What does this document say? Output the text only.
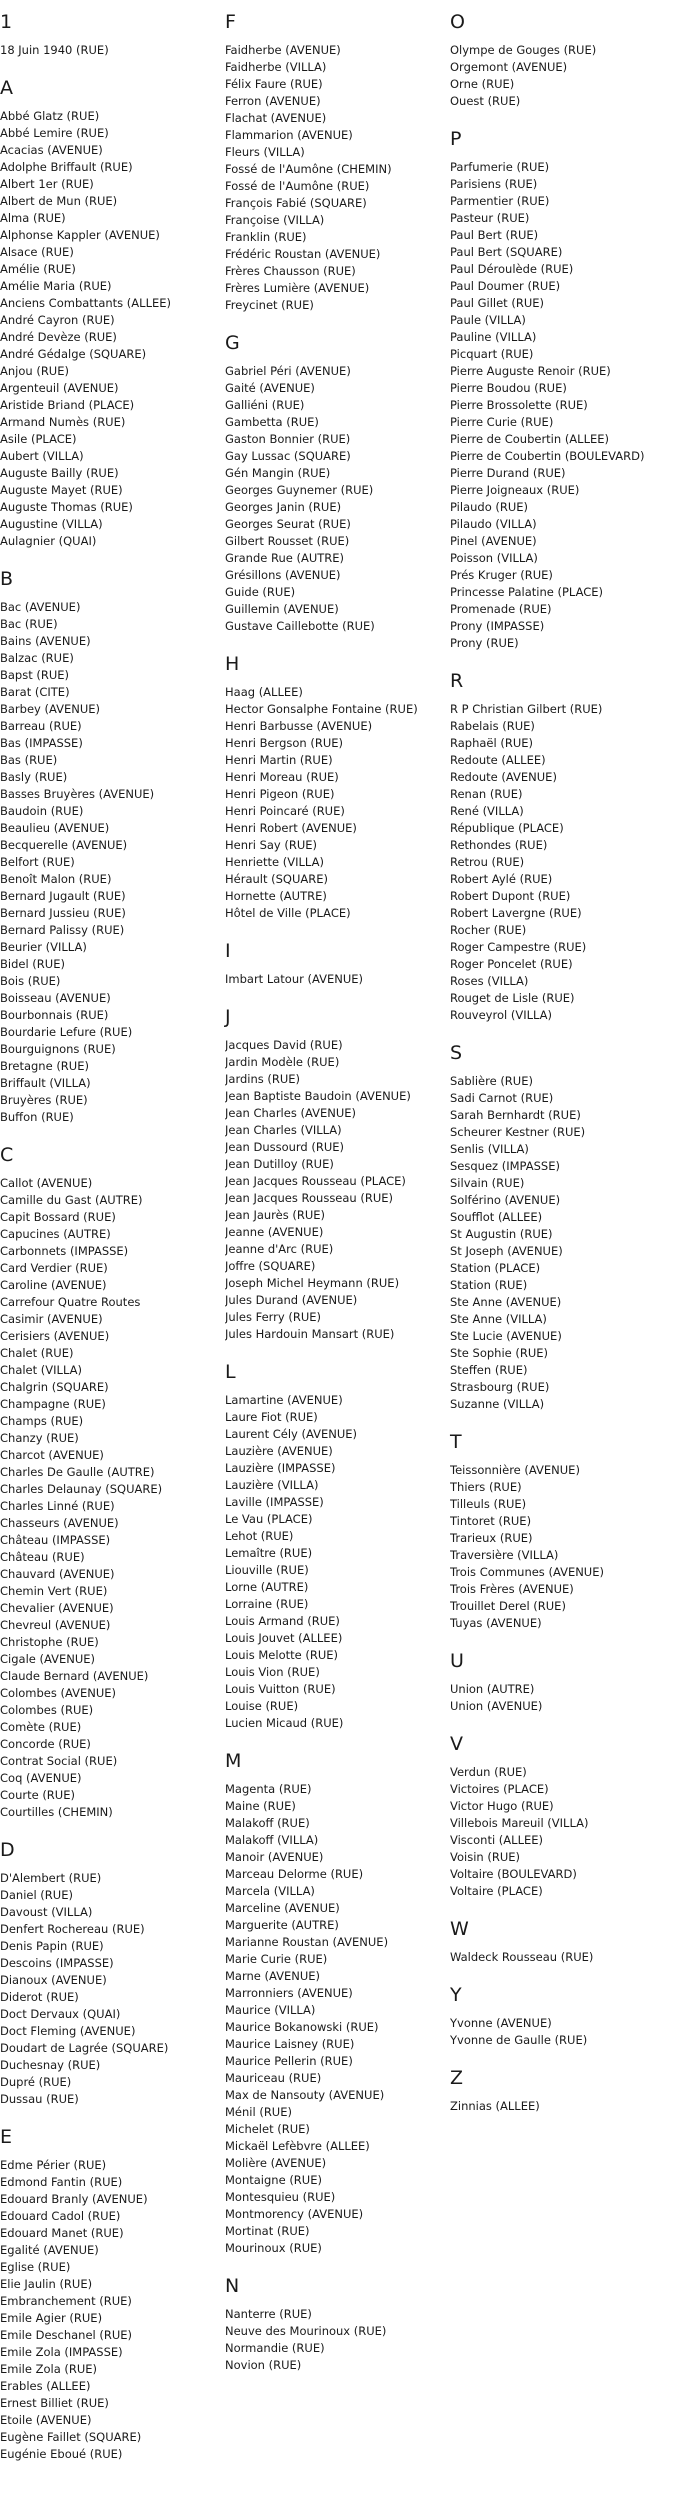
1
18 Juin 1940 (RUE)
A
Abbé Glatz (RUE)
Abbé Lemire (RUE)
Acacias (AVENUE)
Adolphe Briffault (RUE)
Albert 1er (RUE)
Albert de Mun (RUE)
Alma (RUE)
Alphonse Kappler (AVENUE)
Alsace (RUE)
Amélie (RUE)
Amélie Maria (RUE)
Anciens Combattants (ALLEE)
André Cayron (RUE)
André Devèze (RUE)
André Gédalge (SQUARE)
Anjou (RUE)
Argenteuil (AVENUE)
Aristide Briand (PLACE)
Armand Numès (RUE)
Asile (PLACE)
Aubert (VILLA)
Auguste Bailly (RUE)
Auguste Mayet (RUE)
Auguste Thomas (RUE)
Augustine (VILLA)
Aulagnier (QUAI)
B
Bac (AVENUE)
Bac (RUE)
Bains (AVENUE)
Balzac (RUE)
Bapst (RUE)
Barat (CITE)
Barbey (AVENUE)
Barreau (RUE)
Bas (IMPASSE)
Bas (RUE)
Basly (RUE)
Basses Bruyères (AVENUE)
Baudoin (RUE)
Beaulieu (AVENUE)
Becquerelle (AVENUE)
Belfort (RUE)
Benoît Malon (RUE)
Bernard Jugault (RUE)
Bernard Jussieu (RUE)
Bernard Palissy (RUE)
Beurier (VILLA)
Bidel (RUE)
Bois (RUE)
Boisseau (AVENUE)
Bourbonnais (RUE)
Bourdarie Lefure (RUE)
Bourguignons (RUE)
Bretagne (RUE)
Briffault (VILLA)
Bruyères (RUE)
Buffon (RUE)
C
Callot (AVENUE)
Camille du Gast (AUTRE)
Capit Bossard (RUE)
Capucines (AUTRE)
Carbonnets (IMPASSE)
Card Verdier (RUE)
Caroline (AVENUE)
Carrefour Quatre Routes
Casimir (AVENUE)
Cerisiers (AVENUE)
Chalet (RUE)
Chalet (VILLA)
Chalgrin (SQUARE)
Champagne (RUE)
Champs (RUE)
Chanzy (RUE)
Charcot (AVENUE)
Charles De Gaulle (AUTRE)
Charles Delaunay (SQUARE)
Charles Linné (RUE)
Chasseurs (AVENUE)
Château (IMPASSE)
Château (RUE)
Chauvard (AVENUE)
Chemin Vert (RUE)
Chevalier (AVENUE)
Chevreul (AVENUE)
Christophe (RUE)
Cigale (AVENUE)
Claude Bernard (AVENUE)
Colombes (AVENUE)
Colombes (RUE)
Comète (RUE)
Concorde (RUE)
Contrat Social (RUE)
Coq (AVENUE)
Courte (RUE)
Courtilles (CHEMIN)
D
D'Alembert (RUE)
Daniel (RUE)
Davoust (VILLA)
Denfert Rochereau (RUE)
Denis Papin (RUE)
Descoins (IMPASSE)
Dianoux (AVENUE)
Diderot (RUE)
Doct Dervaux (QUAI)
Doct Fleming (AVENUE)
Doudart de Lagrée (SQUARE)
Duchesnay (RUE)
Dupré (RUE)
Dussau (RUE)
E
Edme Périer (RUE)
Edmond Fantin (RUE)
Edouard Branly (AVENUE)
Edouard Cadol (RUE)
Edouard Manet (RUE)
Egalité (AVENUE)
Eglise (RUE)
Elie Jaulin (RUE)
Embranchement (RUE)
Emile Agier (RUE)
Emile Deschanel (RUE)
Emile Zola (IMPASSE)
Emile Zola (RUE)
Erables (ALLEE)
Ernest Billiet (RUE)
Etoile (AVENUE)
Eugène Faillet (SQUARE)
Eugénie Eboué (RUE)
F
Faidherbe (AVENUE)
Faidherbe (VILLA)
Félix Faure (RUE)
Ferron (AVENUE)
Flachat (AVENUE)
Flammarion (AVENUE)
Fleurs (VILLA)
Fossé de l'Aumône (CHEMIN)
Fossé de l'Aumône (RUE)
François Fabié (SQUARE)
Françoise (VILLA)
Franklin (RUE)
Frédéric Roustan (AVENUE)
Frères Chausson (RUE)
Frères Lumière (AVENUE)
Freycinet (RUE)
G
Gabriel Péri (AVENUE)
Gaité (AVENUE)
Galliéni (RUE)
Gambetta (RUE)
Gaston Bonnier (RUE)
Gay Lussac (SQUARE)
Gén Mangin (RUE)
Georges Guynemer (RUE)
Georges Janin (RUE)
Georges Seurat (RUE)
Gilbert Rousset (RUE)
Grande Rue (AUTRE)
Grésillons (AVENUE)
Guide (RUE)
Guillemin (AVENUE)
Gustave Caillebotte (RUE)
H
Haag (ALLEE)
Hector Gonsalphe Fontaine (RUE)
Henri Barbusse (AVENUE)
Henri Bergson (RUE)
Henri Martin (RUE)
Henri Moreau (RUE)
Henri Pigeon (RUE)
Henri Poincaré (RUE)
Henri Robert (AVENUE)
Henri Say (RUE)
Henriette (VILLA)
Hérault (SQUARE)
Hornette (AUTRE)
Hôtel de Ville (PLACE)
I
Imbart Latour (AVENUE)
J
Jacques David (RUE)
Jardin Modèle (RUE)
Jardins (RUE)
Jean Baptiste Baudoin (AVENUE)
Jean Charles (AVENUE)
Jean Charles (VILLA)
Jean Dussourd (RUE)
Jean Dutilloy (RUE)
Jean Jacques Rousseau (PLACE)
Jean Jacques Rousseau (RUE)
Jean Jaurès (RUE)
Jeanne (AVENUE)
Jeanne d'Arc (RUE)
Joffre (SQUARE)
Joseph Michel Heymann (RUE)
Jules Durand (AVENUE)
Jules Ferry (RUE)
Jules Hardouin Mansart (RUE)
L
Lamartine (AVENUE)
Laure Fiot (RUE)
Laurent Cély (AVENUE)
Lauzière (AVENUE)
Lauzière (IMPASSE)
Lauzière (VILLA)
Laville (IMPASSE)
Le Vau (PLACE)
Lehot (RUE)
Lemaître (RUE)
Liouville (RUE)
Lorne (AUTRE)
Lorraine (RUE)
Louis Armand (RUE)
Louis Jouvet (ALLEE)
Louis Melotte (RUE)
Louis Vion (RUE)
Louis Vuitton (RUE)
Louise (RUE)
Lucien Micaud (RUE)
M
Magenta (RUE)
Maine (RUE)
Malakoff (RUE)
Malakoff (VILLA)
Manoir (AVENUE)
Marceau Delorme (RUE)
Marcela (VILLA)
Marceline (AVENUE)
Marguerite (AUTRE)
Marianne Roustan (AVENUE)
Marie Curie (RUE)
Marne (AVENUE)
Marronniers (AVENUE)
Maurice (VILLA)
Maurice Bokanowski (RUE)
Maurice Laisney (RUE)
Maurice Pellerin (RUE)
Mauriceau (RUE)
Max de Nansouty (AVENUE)
Ménil (RUE)
Michelet (RUE)
Mickaël Lefèbvre (ALLEE)
Molière (AVENUE)
Montaigne (RUE)
Montesquieu (RUE)
Montmorency (AVENUE)
Mortinat (RUE)
Mourinoux (RUE)
N
Nanterre (RUE)
Neuve des Mourinoux (RUE)
Normandie (RUE)
Novion (RUE)
O
Olympe de Gouges (RUE)
Orgemont (AVENUE)
Orne (RUE)
Ouest (RUE)
P
Parfumerie (RUE)
Parisiens (RUE)
Parmentier (RUE)
Pasteur (RUE)
Paul Bert (RUE)
Paul Bert (SQUARE)
Paul Déroulède (RUE)
Paul Doumer (RUE)
Paul Gillet (RUE)
Paule (VILLA)
Pauline (VILLA)
Picquart (RUE)
Pierre Auguste Renoir (RUE)
Pierre Boudou (RUE)
Pierre Brossolette (RUE)
Pierre Curie (RUE)
Pierre de Coubertin (ALLEE)
Pierre de Coubertin (BOULEVARD)
Pierre Durand (RUE)
Pierre Joigneaux (RUE)
Pilaudo (RUE)
Pilaudo (VILLA)
Pinel (AVENUE)
Poisson (VILLA)
Prés Kruger (RUE)
Princesse Palatine (PLACE)
Promenade (RUE)
Prony (IMPASSE)
Prony (RUE)
R
R P Christian Gilbert (RUE)
Rabelais (RUE)
Raphaël (RUE)
Redoute (ALLEE)
Redoute (AVENUE)
Renan (RUE)
René (VILLA)
République (PLACE)
Rethondes (RUE)
Retrou (RUE)
Robert Aylé (RUE)
Robert Dupont (RUE)
Robert Lavergne (RUE)
Rocher (RUE)
Roger Campestre (RUE)
Roger Poncelet (RUE)
Roses (VILLA)
Rouget de Lisle (RUE)
Rouveyrol (VILLA)
S
Sablière (RUE)
Sadi Carnot (RUE)
Sarah Bernhardt (RUE)
Scheurer Kestner (RUE)
Senlis (VILLA)
Sesquez (IMPASSE)
Silvain (RUE)
Solférino (AVENUE)
Soufflot (ALLEE)
St Augustin (RUE)
St Joseph (AVENUE)
Station (PLACE)
Station (RUE)
Ste Anne (AVENUE)
Ste Anne (VILLA)
Ste Lucie (AVENUE)
Ste Sophie (RUE)
Steffen (RUE)
Strasbourg (RUE)
Suzanne (VILLA)
T
Teissonnière (AVENUE)
Thiers (RUE)
Tilleuls (RUE)
Tintoret (RUE)
Trarieux (RUE)
Traversière (VILLA)
Trois Communes (AVENUE)
Trois Frères (AVENUE)
Trouillet Derel (RUE)
Tuyas (AVENUE)
U
Union (AUTRE)
Union (AVENUE)
V
Verdun (RUE)
Victoires (PLACE)
Victor Hugo (RUE)
Villebois Mareuil (VILLA)
Visconti (ALLEE)
Voisin (RUE)
Voltaire (BOULEVARD)
Voltaire (PLACE)
W
Waldeck Rousseau (RUE)
Y
Yvonne (AVENUE)
Yvonne de Gaulle (RUE)
Z
Zinnias (ALLEE)
